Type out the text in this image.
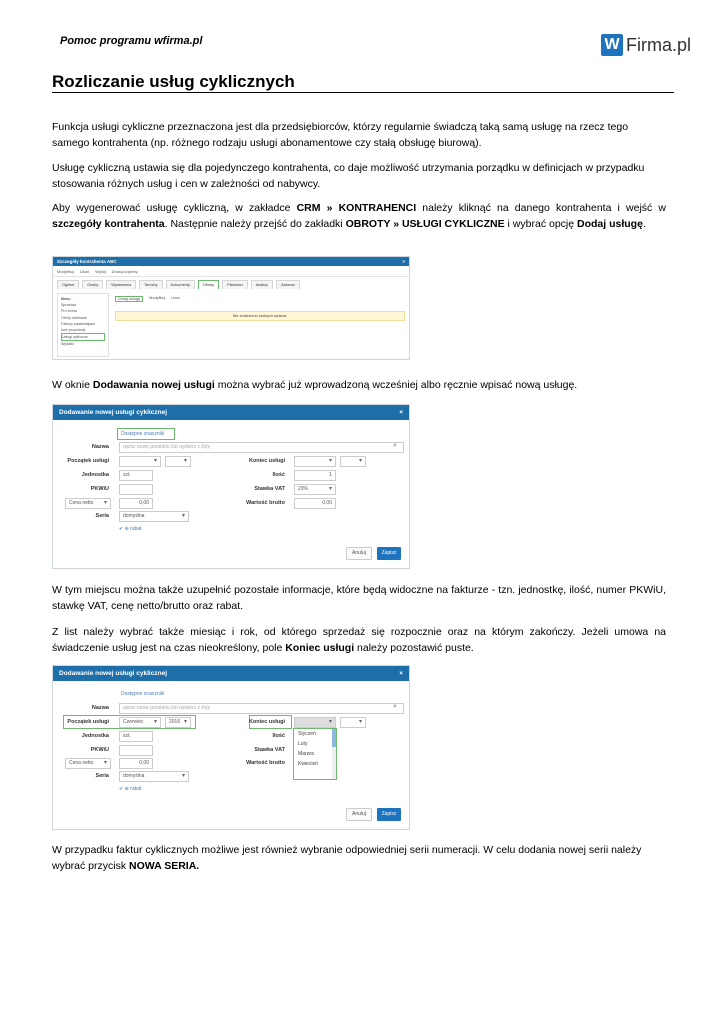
Pomoc programu wfirma.pl	W Firma.pl
Rozliczanie usług cyklicznych

Funkcja usługi cykliczne przeznaczona jest dla przedsiębiorców, którzy regularnie świadczą taką samą usługę na rzecz tego samego kontrahenta (np. różnego rodzaju usługi abonamentowe czy stałą obsługę biurową).

Usługę cykliczną ustawia się dla pojedynczego kontrahenta, co daje możliwość utrzymania porządku w definicjach w przypadku stosowania różnych usług i cen w zależności od nabywcy.

Aby wygenerować usługę cykliczną, w zakładce CRM » KONTRAHENCI należy kliknąć na danego kontrahenta i wejść w szczegóły kontrahenta. Następnie należy przejść do zakładki OBROTY » USŁUGI CYKLICZNE i wybrać opcję Dodaj usługę.

Szczegóły kontrahenta ABC	×
Modyfikuj Usuń Wyślij Drukuj kopertę
Ogólne	Osoby	Wydarzenia	Terminy	Dokumenty	Obroty	Płatności	Analizy	Zadania
Menu
Sprzedaż
Pro forma
Oferty odebrane
Faktury wystawiajace
Inne przychody
Usługi cykliczne
Wydatki
Dodaj usługę	Modyfikuj Usuń
Nie znaleziono żadnych wpisów.

W oknie Dodawania nowej usługi można wybrać już wprowadzoną wcześniej albo ręcznie wpisać nową usługę.

Dodawanie nowej usługi cyklicznej	×
Dostępne znaczniki
Nazwa	wpisz nowe produktu lub wybierz z listy	⌕
Początek usługi ▾ ▾	Koniec usługi
▾
▾
Jednostka	szt.	Ilość	1
PKWiU	Stawka VAT	23% ▾
Cena netto ▾	0,00	Wartość brutto	0,00
Seria	domyślna ▾
✔ ⊕ rabat
Anuluj	Zapisz

W tym miejscu można także uzupełnić pozostałe informacje, które będą widoczne na fakturze - tzn. jednostkę, ilość, numer PKWiU, stawkę VAT, cenę netto/brutto oraz rabat.

Z list należy wybrać także miesiąc i rok, od którego sprzedaż się rozpocznie oraz na którym zakończy. Jeżeli umowa na świadczenie usług jest na czas nieokreślony, pole Koniec usługi należy pozostawić puste.

Dodawanie nowej usługi cyklicznej	×
Dostępne znaczniki
Nazwa	wpisz nowe produktu lub wybierz z listy	⌕
Początek usługi	Czerwiec ▾	2016 ▾	Koniec usługi
▾
▾
Styczeń
Luty
Marzec
Kwiecień
Jednostka	szt.	Ilość
PKWiU	Stawka VAT
Cena netto ▾	0,00	Wartość brutto
Seria	domyślna ▾
✔ ⊕ rabat
Anuluj	Zapisz

W przypadku faktur cyklicznych możliwe jest również wybranie odpowiedniej serii numeracji. W celu dodania nowej serii należy wybrać przycisk NOWA SERIA.
